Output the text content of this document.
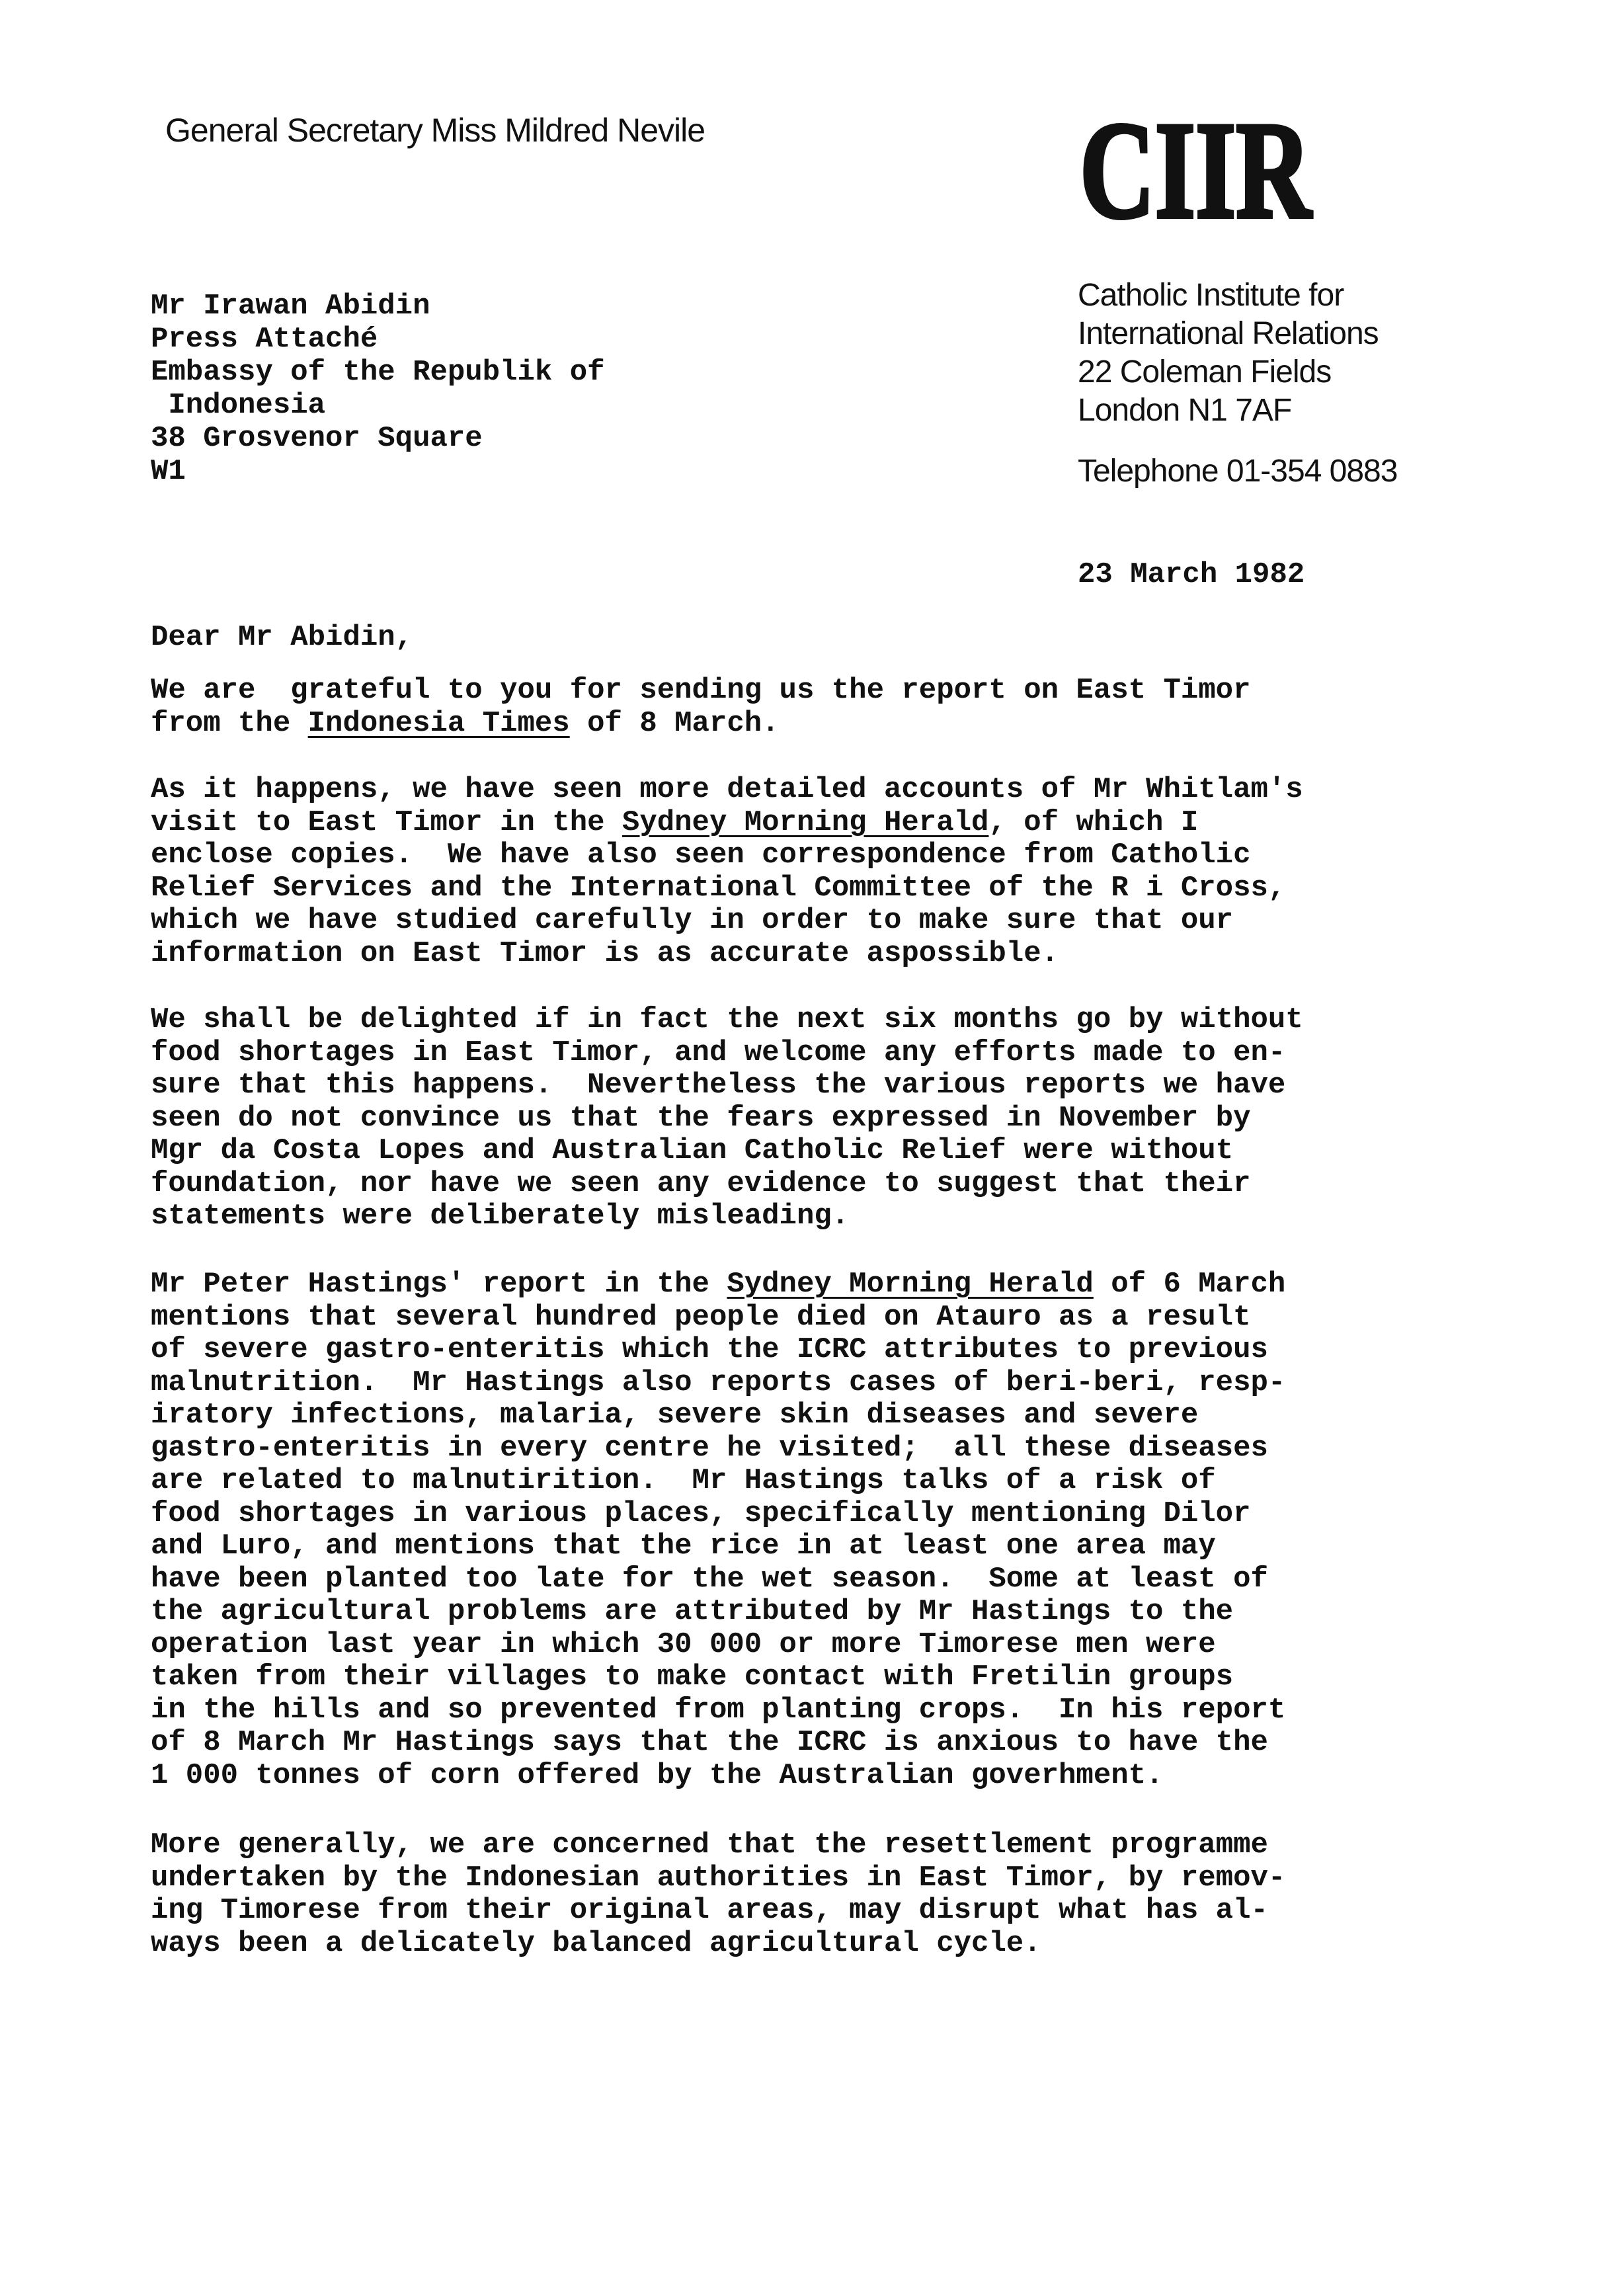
General Secretary Miss Mildred Nevile	CIIR
Catholic Institute for
International Relations
22 Coleman Fields
London N1 7AF
Telephone 01-354 0883
Mr Irawan Abidin
Press Attaché
Embassy of the Republik of
Indonesia
38 Grosvenor Square
W1
23 March 1982
Dear Mr Abidin,
We are  grateful to you for sending us the report on East Timor
from the Indonesia Times of 8 March.
As it happens, we have seen more detailed accounts of Mr Whitlam's
visit to East Timor in the Sydney Morning Herald, of which I
enclose copies.  We have also seen correspondence from Catholic
Relief Services and the International Committee of the R i Cross,
which we have studied carefully in order to make sure that our
information on East Timor is as accurate aspossible.
We shall be delighted if in fact the next six months go by without
food shortages in East Timor, and welcome any efforts made to en-
sure that this happens.  Nevertheless the various reports we have
seen do not convince us that the fears expressed in November by
Mgr da Costa Lopes and Australian Catholic Relief were without
foundation, nor have we seen any evidence to suggest that their
statements were deliberately misleading.
Mr Peter Hastings' report in the Sydney Morning Herald of 6 March
mentions that several hundred people died on Atauro as a result
of severe gastro-enteritis which the ICRC attributes to previous
malnutrition.  Mr Hastings also reports cases of beri-beri, resp-
iratory infections, malaria, severe skin diseases and severe
gastro-enteritis in every centre he visited;  all these diseases
are related to malnutirition.  Mr Hastings talks of a risk of
food shortages in various places, specifically mentioning Dilor
and Luro, and mentions that the rice in at least one area may
have been planted too late for the wet season.  Some at least of
the agricultural problems are attributed by Mr Hastings to the
operation last year in which 30 000 or more Timorese men were
taken from their villages to make contact with Fretilin groups
in the hills and so prevented from planting crops.  In his report
of 8 March Mr Hastings says that the ICRC is anxious to have the
1 000 tonnes of corn offered by the Australian goverhment.
More generally, we are concerned that the resettlement programme
undertaken by the Indonesian authorities in East Timor, by remov-
ing Timorese from their original areas, may disrupt what has al-
ways been a delicately balanced agricultural cycle.
